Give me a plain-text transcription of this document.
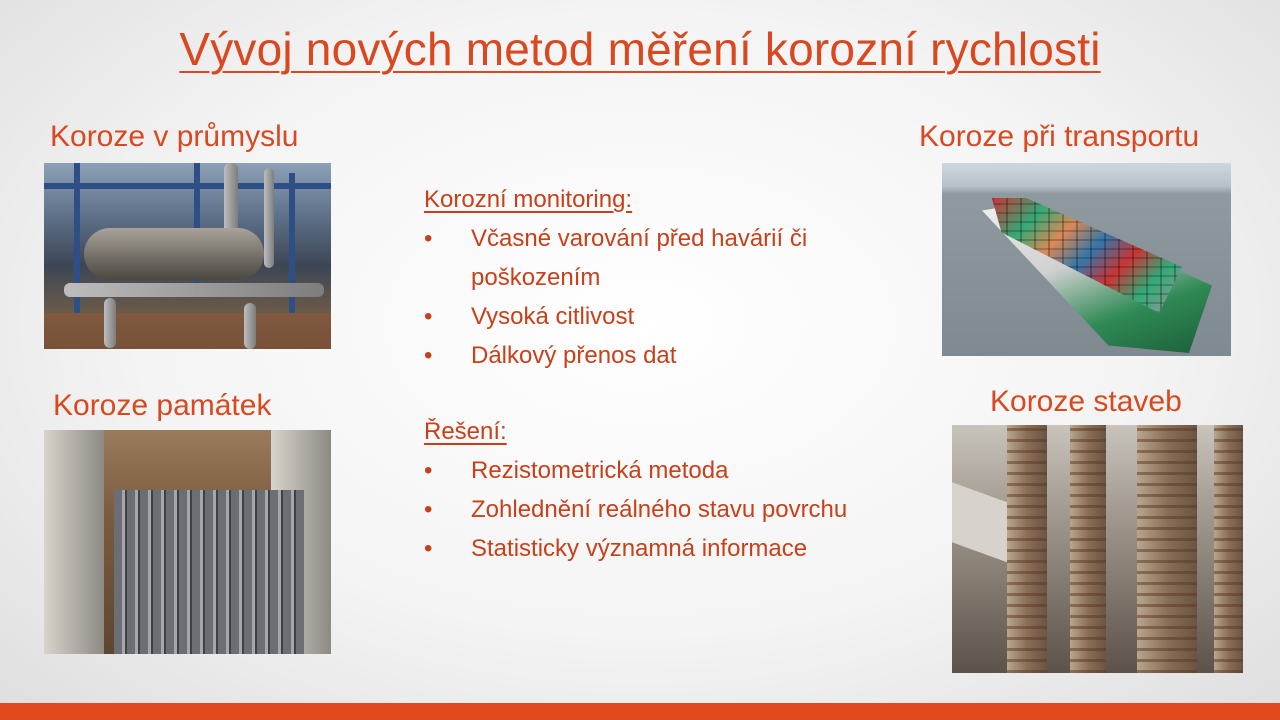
Vývoj nových metod měření korozní rychlosti
Koroze v průmyslu	Koroze při transportu
Koroze památek	Koroze staveb
Korozní monitoring:
• Včasné varování před havárií či poškozením
• Vysoká citlivost
• Dálkový přenos dat
Řešení:
• Rezistometrická metoda
• Zohlednění reálného stavu povrchu
• Statisticky významná informace
